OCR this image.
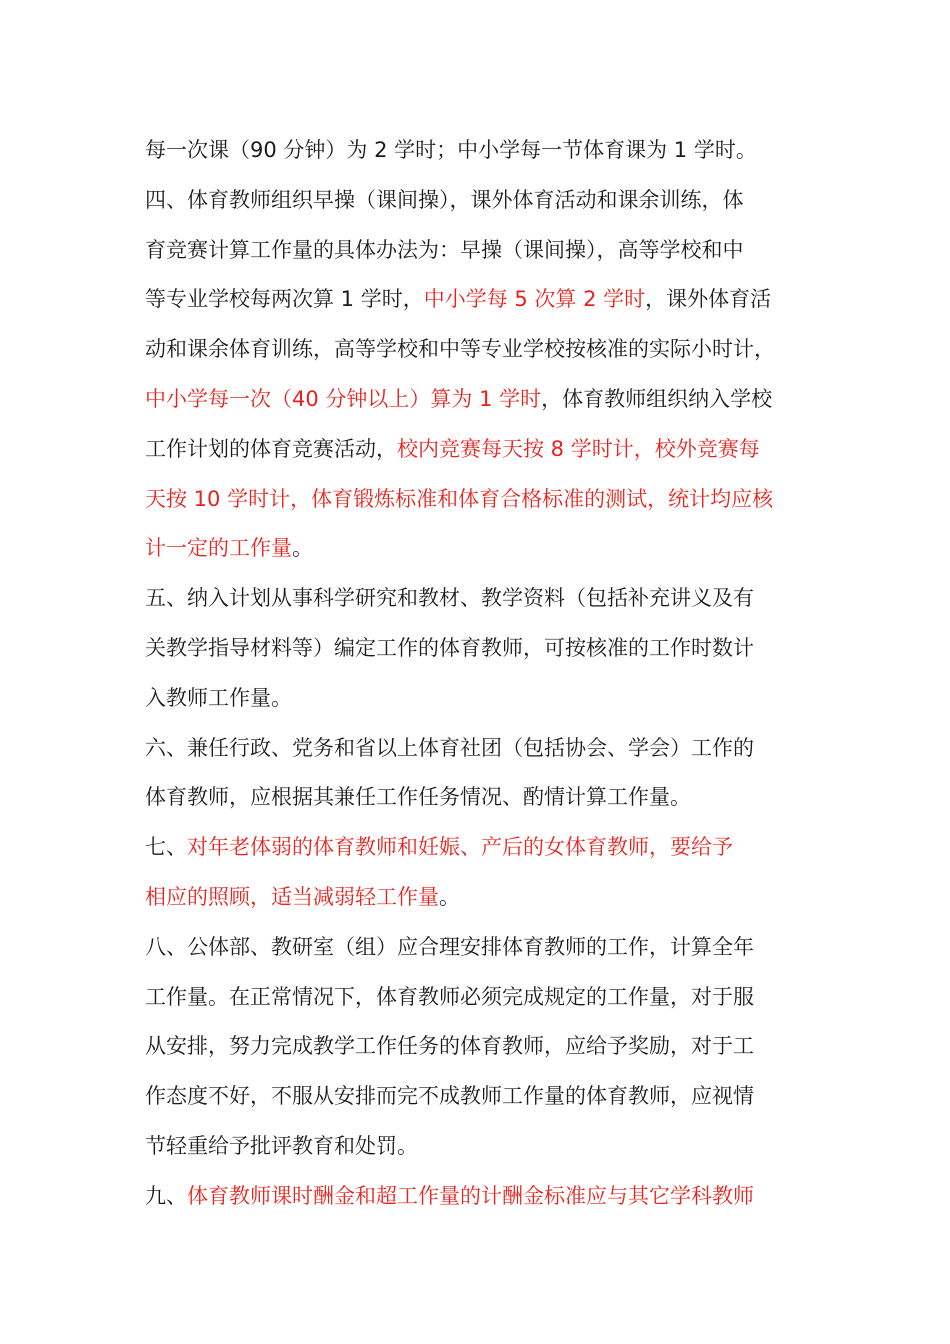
每一次课（90 分钟）为 2 学时；中小学每一节体育课为 1 学时。
四、体育教师组织早操（课间操），课外体育活动和课余训练，体
育竞赛计算工作量的具体办法为：早操（课间操），高等学校和中
等专业学校每两次算 1 学时，中小学每 5 次算 2 学时，课外体育活
动和课余体育训练，高等学校和中等专业学校按核准的实际小时计，
中小学每一次（40 分钟以上）算为 1 学时，体育教师组织纳入学校
工作计划的体育竞赛活动，校内竞赛每天按 8 学时计，校外竞赛每
天按 10 学时计，体育锻炼标准和体育合格标准的测试，统计均应核
计一定的工作量。
五、纳入计划从事科学研究和教材、教学资料（包括补充讲义及有
关教学指导材料等）编定工作的体育教师，可按核准的工作时数计
入教师工作量。
六、兼任行政、党务和省以上体育社团（包括协会、学会）工作的
体育教师，应根据其兼任工作任务情况、酌情计算工作量。
七、对年老体弱的体育教师和妊娠、产后的女体育教师，要给予
相应的照顾，适当减弱轻工作量。
八、公体部、教研室（组）应合理安排体育教师的工作，计算全年
工作量。在正常情况下，体育教师必须完成规定的工作量，对于服
从安排，努力完成教学工作任务的体育教师，应给予奖励，对于工
作态度不好，不服从安排而完不成教师工作量的体育教师，应视情
节轻重给予批评教育和处罚。
九、体育教师课时酬金和超工作量的计酬金标准应与其它学科教师
